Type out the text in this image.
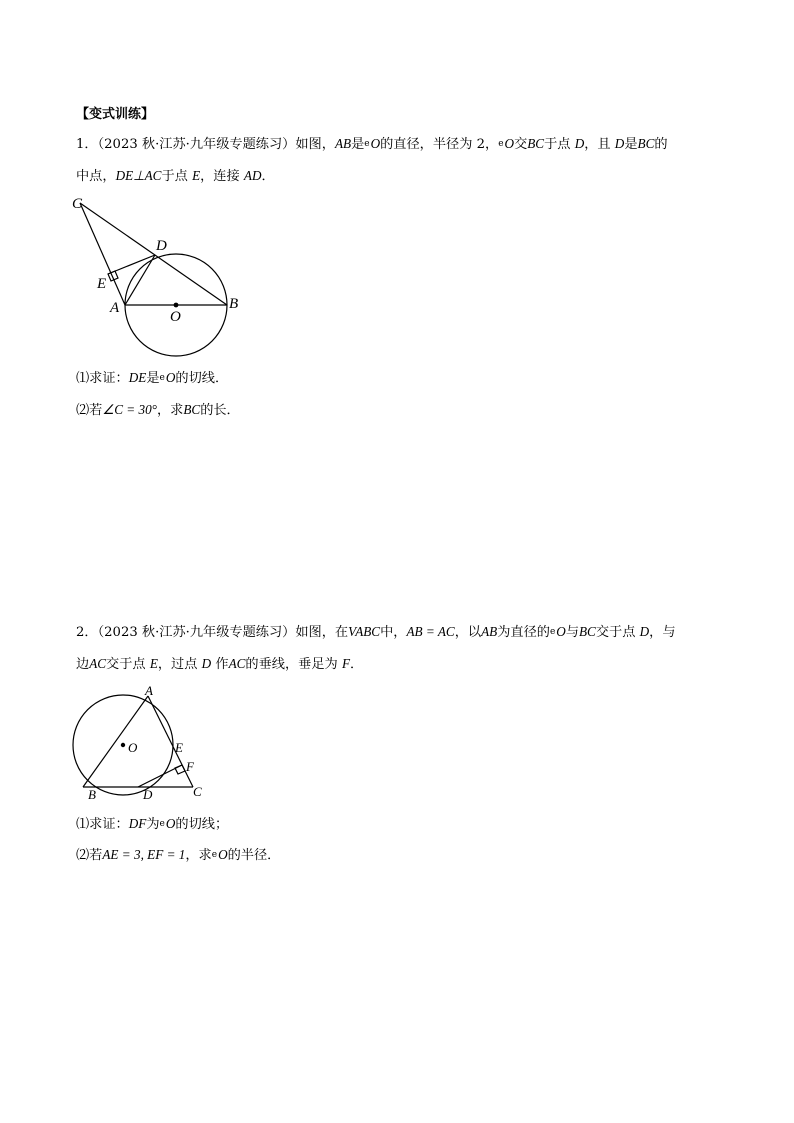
【变式训练】
1．（2023 秋·江苏·九年级专题练习）如图，AB是eO的直径，半径为 2，eO交BC于点 D，且 D是BC的
中点，DE⊥AC于点 E，连接 AD．
C
D
E
A
O
B
⑴求证：DE是eO的切线．
⑵若∠C = 30°，求BC的长．
2．（2023 秋·江苏·九年级专题练习）如图，在VABC中，AB = AC，以AB为直径的eO与BC交于点 D，与
边AC交于点 E，过点 D 作AC的垂线，垂足为 F．
A
O	E
F
B	D	C
⑴求证：DF为eO的切线；
⑵若AE = 3, EF = 1，求eO的半径．
